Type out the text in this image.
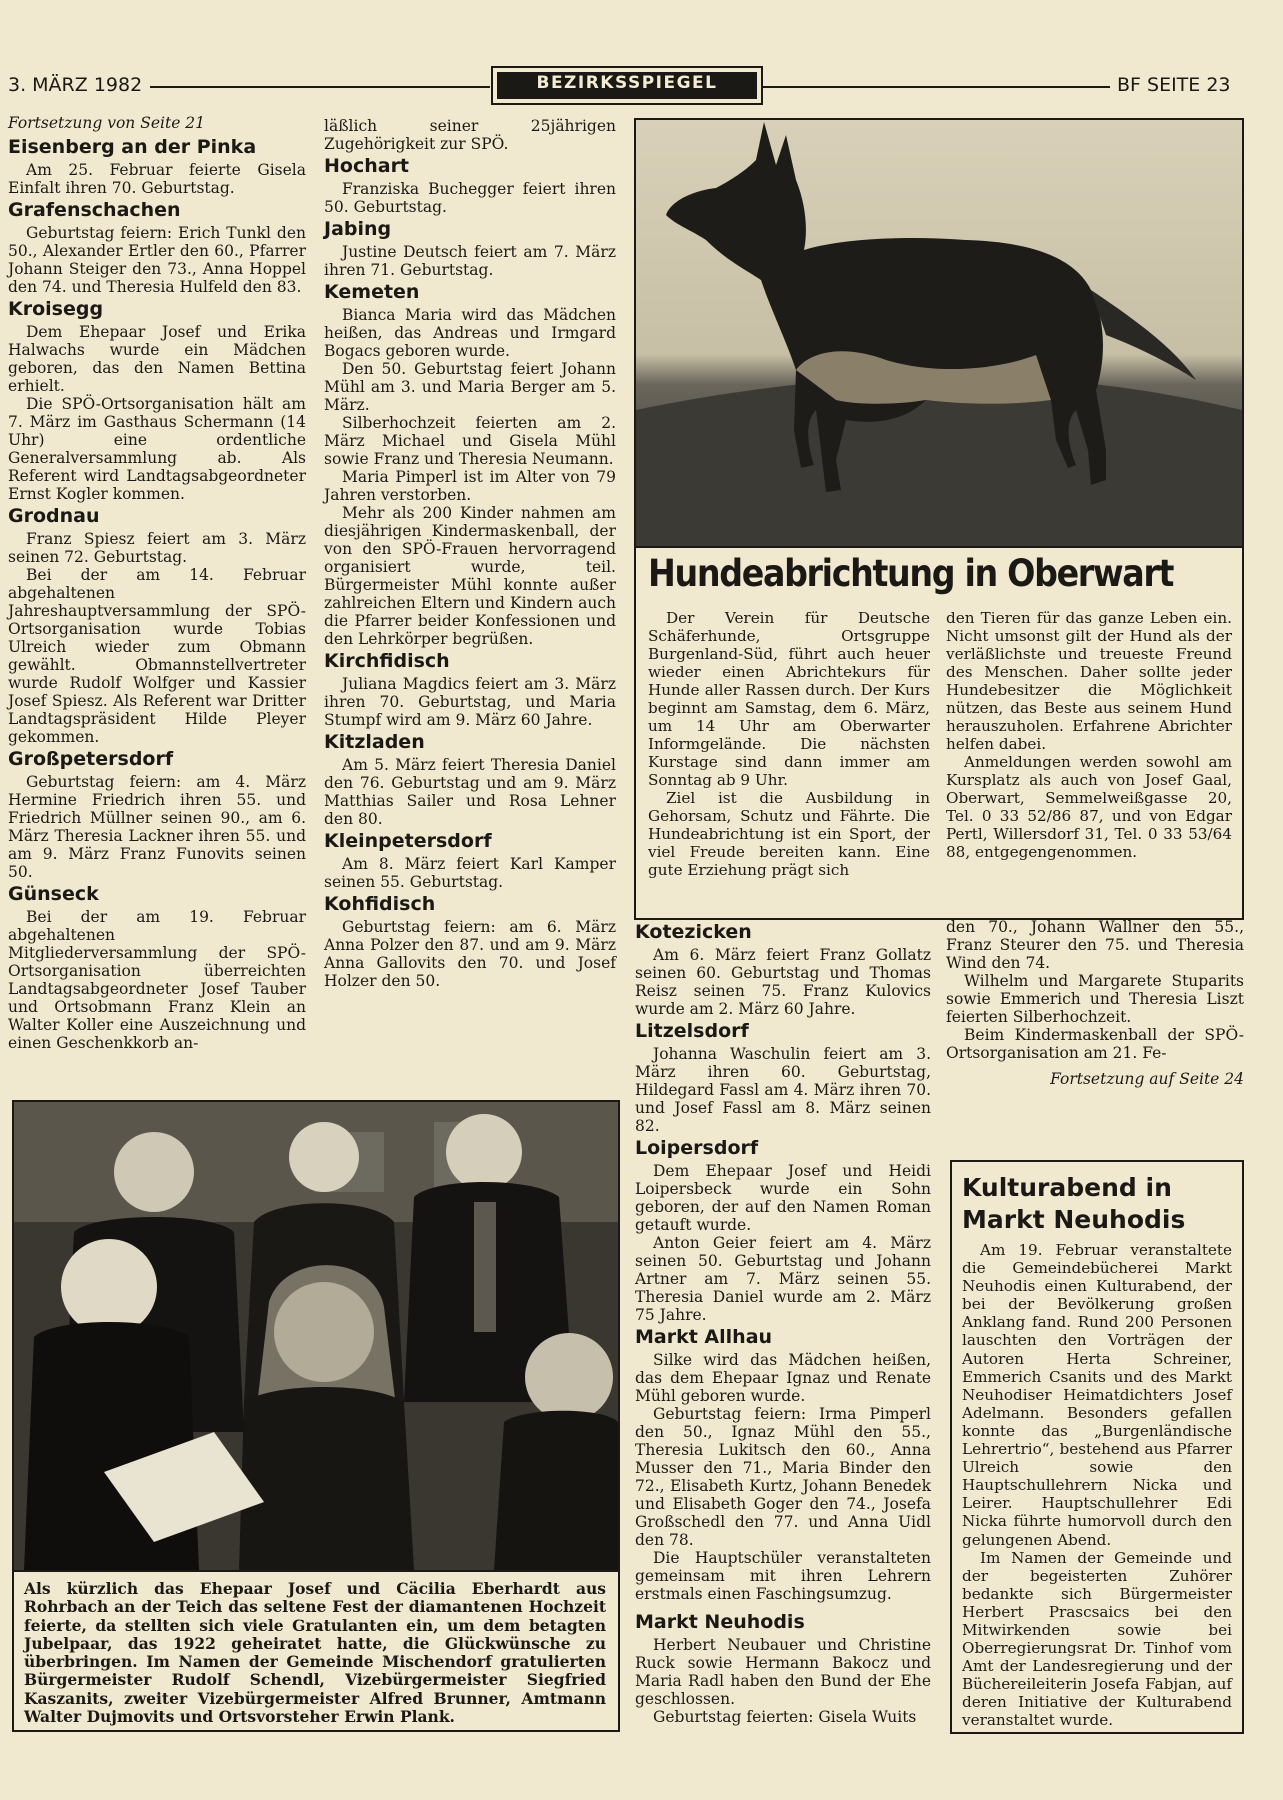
3. MÄRZ 1982	BEZIRKSSPIEGEL	BF SEITE 23

Fortsetzung von Seite 21

Eisenberg an der Pinka

Am 25. Februar feierte Gisela Einfalt ihren 70. Geburtstag.

Grafenschachen

Geburtstag feiern: Erich Tunkl den 50., Alexander Ertler den 60., Pfarrer Johann Steiger den 73., Anna Hoppel den 74. und Theresia Hulfeld den 83.

Kroisegg

Dem Ehepaar Josef und Erika Halwachs wurde ein Mädchen geboren, das den Namen Bettina erhielt.

Die SPÖ-Ortsorganisation hält am 7. März im Gasthaus Schermann (14 Uhr) eine ordentliche Generalversammlung ab. Als Referent wird Landtagsabgeordneter Ernst Kogler kommen.

Grodnau

Franz Spiesz feiert am 3. März seinen 72. Geburtstag.

Bei der am 14. Februar abgehaltenen Jahreshauptversammlung der SPÖ-Ortsorganisation wurde Tobias Ulreich wieder zum Obmann gewählt. Obmannstellvertreter wurde Rudolf Wolfger und Kassier Josef Spiesz. Als Referent war Dritter Landtagspräsident Hilde Pleyer gekommen.

Großpetersdorf

Geburtstag feiern: am 4. März Hermine Friedrich ihren 55. und Friedrich Müllner seinen 90., am 6. März Theresia Lackner ihren 55. und am 9. März Franz Funovits seinen 50.

Günseck

Bei der am 19. Februar abgehaltenen Mitgliederversammlung der SPÖ-Ortsorganisation überreichten Landtagsabgeordneter Josef Tauber und Ortsobmann Franz Klein an Walter Koller eine Auszeichnung und einen Geschenkkorb an-

läßlich seiner 25jährigen Zugehörigkeit zur SPÖ.

Hochart

Franziska Buchegger feiert ihren 50. Geburtstag.

Jabing

Justine Deutsch feiert am 7. März ihren 71. Geburtstag.

Kemeten

Bianca Maria wird das Mädchen heißen, das Andreas und Irmgard Bogacs geboren wurde.

Den 50. Geburtstag feiert Johann Mühl am 3. und Maria Berger am 5. März.

Silberhochzeit feierten am 2. März Michael und Gisela Mühl sowie Franz und Theresia Neumann.

Maria Pimperl ist im Alter von 79 Jahren verstorben.

Mehr als 200 Kinder nahmen am diesjährigen Kindermaskenball, der von den SPÖ-Frauen hervorragend organisiert wurde, teil. Bürgermeister Mühl konnte außer zahlreichen Eltern und Kindern auch die Pfarrer beider Konfessionen und den Lehrkörper begrüßen.

Kirchfidisch

Juliana Magdics feiert am 3. März ihren 70. Geburtstag, und Maria Stumpf wird am 9. März 60 Jahre.

Kitzladen

Am 5. März feiert Theresia Daniel den 76. Geburtstag und am 9. März Matthias Sailer und Rosa Lehner den 80.

Kleinpetersdorf

Am 8. März feiert Karl Kamper seinen 55. Geburtstag.

Kohfidisch

Geburtstag feiern: am 6. März Anna Polzer den 87. und am 9. März Anna Gallovits den 70. und Josef Holzer den 50.

Hundeabrichtung in Oberwart

Der Verein für Deutsche Schäferhunde, Ortsgruppe Burgenland-Süd, führt auch heuer wieder einen Abrichtekurs für Hunde aller Rassen durch. Der Kurs beginnt am Samstag, dem 6. März, um 14 Uhr am Oberwarter Informgelände. Die nächsten Kurstage sind dann immer am Sonntag ab 9 Uhr.

Ziel ist die Ausbildung in Gehorsam, Schutz und Fährte. Die Hundeabrichtung ist ein Sport, der viel Freude bereiten kann. Eine gute Erziehung prägt sich

den Tieren für das ganze Leben ein. Nicht umsonst gilt der Hund als der verläßlichste und treueste Freund des Menschen. Daher sollte jeder Hundebesitzer die Möglichkeit nützen, das Beste aus seinem Hund herauszuholen. Erfahrene Abrichter helfen dabei.

Anmeldungen werden sowohl am Kursplatz als auch von Josef Gaal, Oberwart, Semmelweißgasse 20, Tel. 0 33 52/86 87, und von Edgar Pertl, Willersdorf 31, Tel. 0 33 53/64 88, entgegengenommen.

Kotezicken

Am 6. März feiert Franz Gollatz seinen 60. Geburtstag und Thomas Reisz seinen 75. Franz Kulovics wurde am 2. März 60 Jahre.

Litzelsdorf

Johanna Waschulin feiert am 3. März ihren 60. Geburtstag, Hildegard Fassl am 4. März ihren 70. und Josef Fassl am 8. März seinen 82.

Loipersdorf

Dem Ehepaar Josef und Heidi Loipersbeck wurde ein Sohn geboren, der auf den Namen Roman getauft wurde.

Anton Geier feiert am 4. März seinen 50. Geburtstag und Johann Artner am 7. März seinen 55. Theresia Daniel wurde am 2. März 75 Jahre.

Markt Allhau

Silke wird das Mädchen heißen, das dem Ehepaar Ignaz und Renate Mühl geboren wurde.

Geburtstag feiern: Irma Pimperl den 50., Ignaz Mühl den 55., Theresia Lukitsch den 60., Anna Musser den 71., Maria Binder den 72., Elisabeth Kurtz, Johann Benedek und Elisabeth Goger den 74., Josefa Großschedl den 77. und Anna Uidl den 78.

Die Hauptschüler veranstalteten gemeinsam mit ihren Lehrern erstmals einen Faschingsumzug.

Markt Neuhodis

Herbert Neubauer und Christine Ruck sowie Hermann Bakocz und Maria Radl haben den Bund der Ehe geschlossen.

Geburtstag feierten: Gisela Wuits

den 70., Johann Wallner den 55., Franz Steurer den 75. und Theresia Wind den 74.

Wilhelm und Margarete Stuparits sowie Emmerich und Theresia Liszt feierten Silberhochzeit.

Beim Kindermaskenball der SPÖ-Ortsorganisation am 21. Fe-

Fortsetzung auf Seite 24

Kulturabend in
Markt Neuhodis

Am 19. Februar veranstaltete die Gemeindebücherei Markt Neuhodis einen Kulturabend, der bei der Bevölkerung großen Anklang fand. Rund 200 Personen lauschten den Vorträgen der Autoren Herta Schreiner, Emmerich Csanits und des Markt Neuhodiser Heimatdichters Josef Adelmann. Besonders gefallen konnte das „Burgenländische Lehrertrio“, bestehend aus Pfarrer Ulreich sowie den Hauptschullehrern Nicka und Leirer. Hauptschullehrer Edi Nicka führte humorvoll durch den gelungenen Abend.

Im Namen der Gemeinde und der begeisterten Zuhörer bedankte sich Bürgermeister Herbert Prascsaics bei den Mitwirkenden sowie bei Oberregierungsrat Dr. Tinhof vom Amt der Landesregierung und der Büchereileiterin Josefa Fabjan, auf deren Initiative der Kulturabend veranstaltet wurde.

Als kürzlich das Ehepaar Josef und Cäcilia Eberhardt aus Rohrbach an der Teich das seltene Fest der diamantenen Hochzeit feierte, da stellten sich viele Gratulanten ein, um dem betagten Jubelpaar, das 1922 geheiratet hatte, die Glückwünsche zu überbringen. Im Namen der Gemeinde Mischendorf gratulierten Bürgermeister Rudolf Schendl, Vizebürgermeister Siegfried Kaszanits, zweiter Vizebürgermeister Alfred Brunner, Amtmann Walter Dujmovits und Ortsvorsteher Erwin Plank.
